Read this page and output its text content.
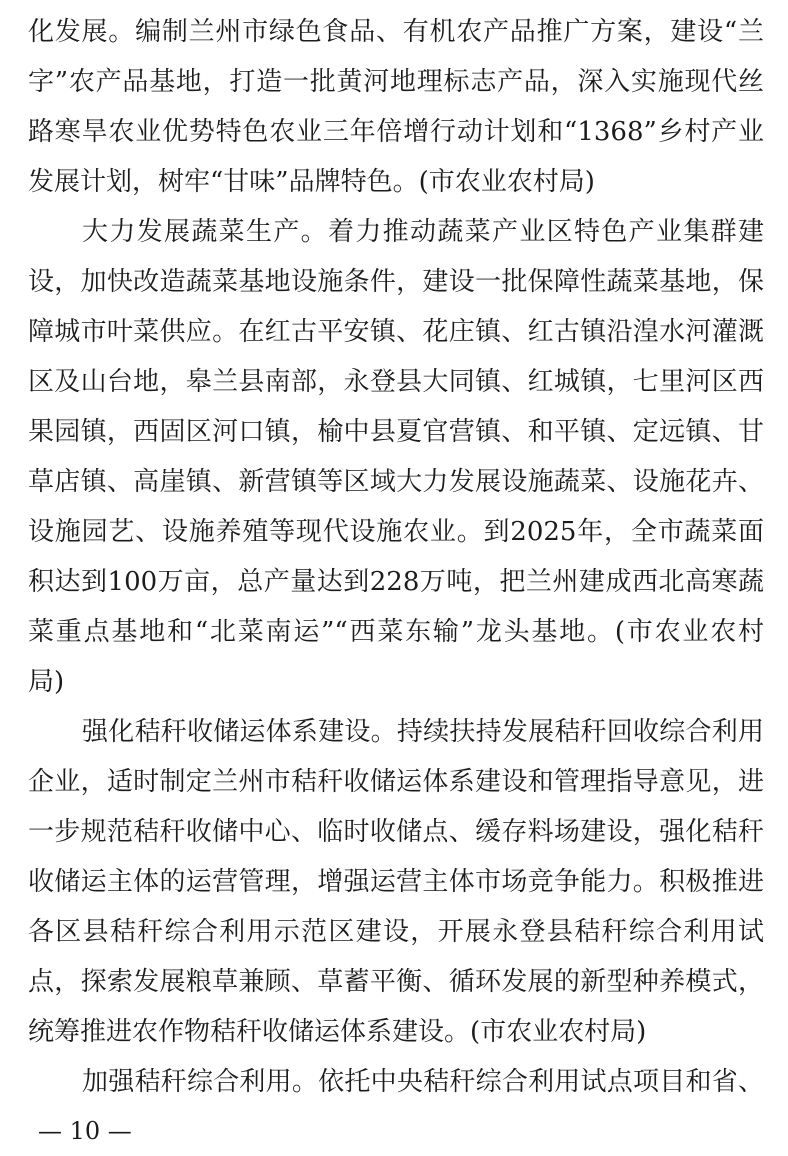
化发展。编制兰州市绿色食品、有机农产品推广方案，建设“兰
字”农产品基地，打造一批黄河地理标志产品，深入实施现代丝
路寒旱农业优势特色农业三年倍增行动计划和“1368”乡村产业
发展计划，树牢“甘味”品牌特色。(市农业农村局)
大力发展蔬菜生产。着力推动蔬菜产业区特色产业集群建
设，加快改造蔬菜基地设施条件，建设一批保障性蔬菜基地，保
障城市叶菜供应。在红古平安镇、花庄镇、红古镇沿湟水河灌溉
区及山台地，皋兰县南部，永登县大同镇、红城镇，七里河区西
果园镇，西固区河口镇，榆中县夏官营镇、和平镇、定远镇、甘
草店镇、高崖镇、新营镇等区域大力发展设施蔬菜、设施花卉、
设施园艺、设施养殖等现代设施农业。到2025年，全市蔬菜面
积达到100万亩，总产量达到228万吨，把兰州建成西北高寒蔬
菜重点基地和“北菜南运”“西菜东输”龙头基地。(市农业农村
局)
强化秸秆收储运体系建设。持续扶持发展秸秆回收综合利用
企业，适时制定兰州市秸秆收储运体系建设和管理指导意见，进
一步规范秸秆收储中心、临时收储点、缓存料场建设，强化秸秆
收储运主体的运营管理，增强运营主体市场竞争能力。积极推进
各区县秸秆综合利用示范区建设，开展永登县秸秆综合利用试
点，探索发展粮草兼顾、草蓄平衡、循环发展的新型种养模式，
统筹推进农作物秸秆收储运体系建设。(市农业农村局)
加强秸秆综合利用。依托中央秸秆综合利用试点项目和省、
— 10 —
